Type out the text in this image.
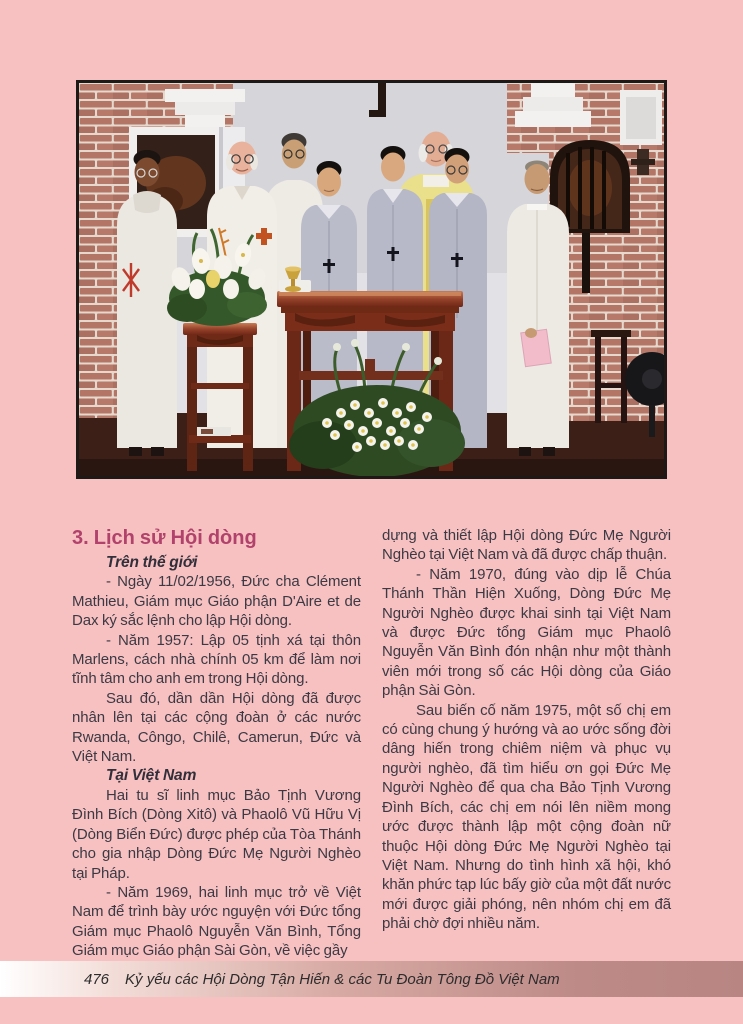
3. Lịch sử Hội dòng
Trên thế giới

- Ngày 11/02/1956, Đức cha Clément Mathieu, Giám mục Giáo phận D'Aire et de Dax ký sắc lệnh cho lập Hội dòng.

- Năm 1957: Lập 05 tịnh xá tại thôn Marlens, cách nhà chính 05 km để làm nơi tĩnh tâm cho anh em trong Hội dòng.

Sau đó, dần dần Hội dòng đã được nhân lên tại các cộng đoàn ở các nước Rwanda, Côngo, Chilê, Camerun, Đức và Việt Nam.

Tại Việt Nam

Hai tu sĩ linh mục Bảo Tịnh Vương Đình Bích (Dòng Xitô) và Phaolô Vũ Hữu Vị (Dòng Biển Đức) được phép của Tòa Thánh cho gia nhập Dòng Đức Mẹ Người Nghèo tại Pháp.

- Năm 1969, hai linh mục trở về Việt Nam để trình bày ước nguyện với Đức tổng Giám mục Phaolô Nguyễn Văn Bình, Tổng Giám mục Giáo phận Sài Gòn, về việc gầy

dựng và thiết lập Hội dòng Đức Mẹ Người Nghèo tại Việt Nam và đã được chấp thuận.

- Năm 1970, đúng vào dịp lễ Chúa Thánh Thần Hiện Xuống, Dòng Đức Mẹ Người Nghèo được khai sinh tại Việt Nam và được Đức tổng Giám mục Phaolô Nguyễn Văn Bình đón nhận như một thành viên mới trong số các Hội dòng của Giáo phận Sài Gòn.

Sau biến cố năm 1975, một số chị em có cùng chung ý hướng và ao ước sống đời dâng hiến trong chiêm niệm và phục vụ người nghèo, đã tìm hiểu ơn gọi Đức Mẹ Người Nghèo để qua cha Bảo Tịnh Vương Đình Bích, các chị em nói lên niềm mong ước được thành lập một cộng đoàn nữ thuộc Hội dòng Đức Mẹ Người Nghèo tại Việt Nam. Nhưng do tình hình xã hội, khó khăn phức tạp lúc bấy giờ của một đất nước mới được giải phóng, nên nhóm chị em đã phải chờ đợi nhiều năm.

476 Kỷ yếu các Hội Dòng Tận Hiến & các Tu Đoàn Tông Đồ Việt Nam
